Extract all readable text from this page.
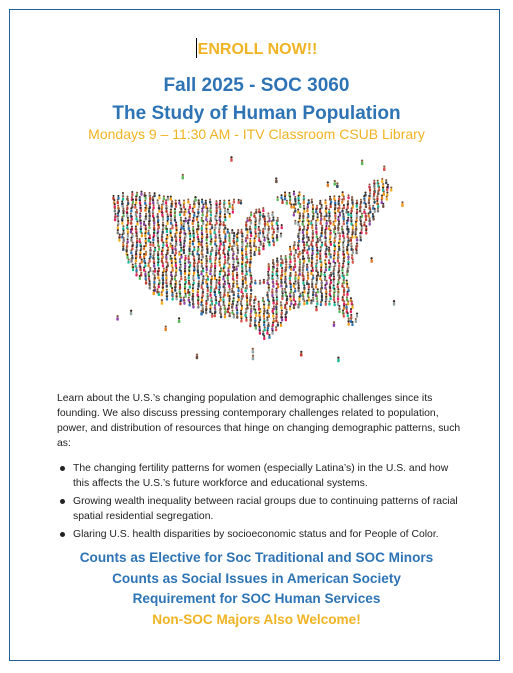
ENROLL NOW!!
Fall 2025 - SOC 3060
The Study of Human Population
Mondays 9 – 11:30 AM - ITV Classroom CSUB Library
Learn about the U.S.’s changing population and demographic challenges since its founding. We also discuss pressing contemporary challenges related to population, power, and distribution of resources that hinge on changing demographic patterns, such as:
The changing fertility patterns for women (especially Latina’s) in the U.S. and how this affects the U.S.’s future workforce and educational systems.
Growing wealth inequality between racial groups due to continuing patterns of racial spatial residential segregation.
Glaring U.S. health disparities by socioeconomic status and for People of Color.
Counts as Elective for Soc Traditional and SOC Minors
Counts as Social Issues in American Society
Requirement for SOC Human Services
Non-SOC Majors Also Welcome!
